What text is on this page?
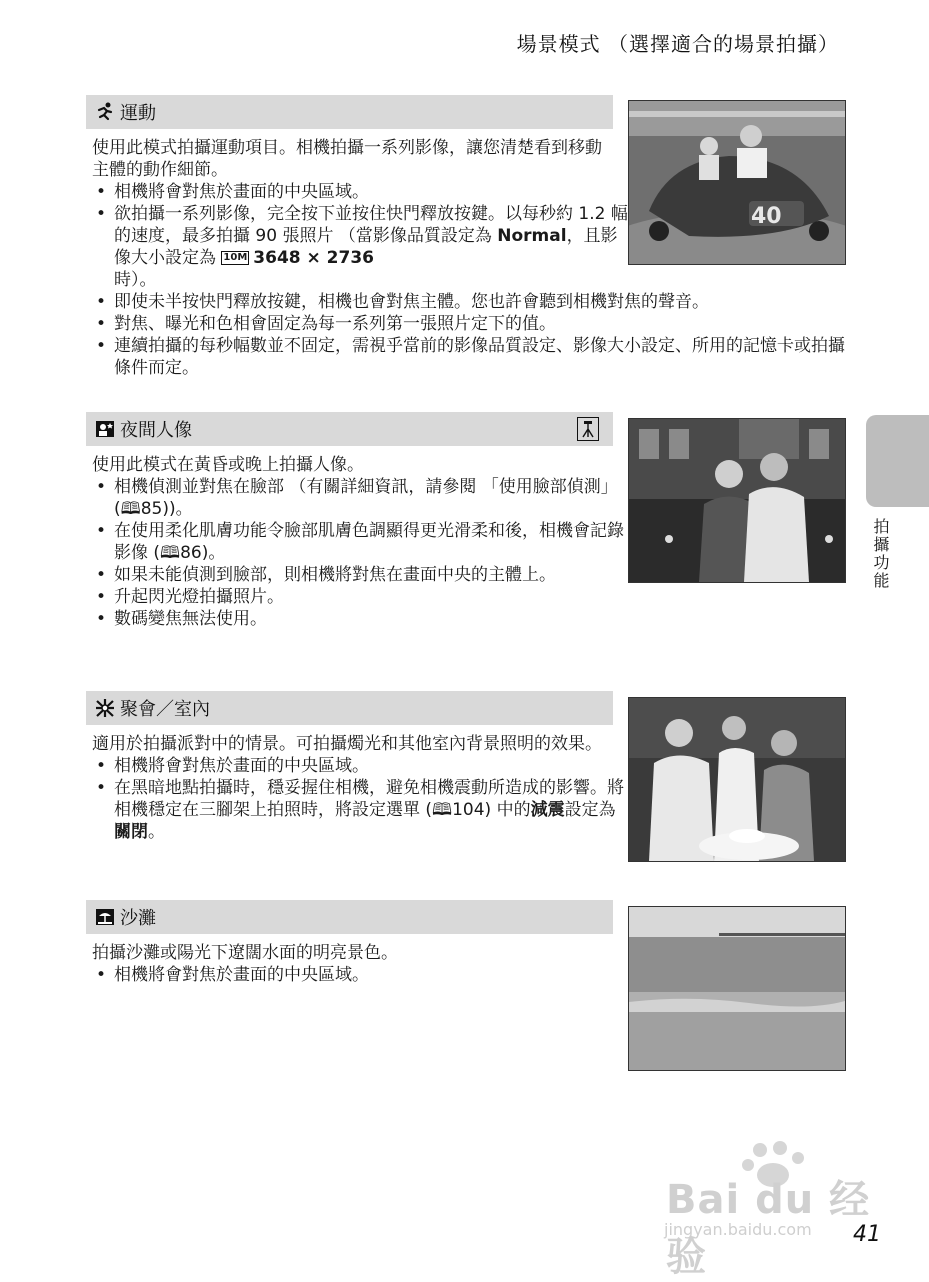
場景模式 （選擇適合的場景拍攝）
拍攝功能
運動

使用此模式拍攝運動項目。相機拍攝一系列影像，讓您清楚看到移動主體的動作細節。

• 相機將會對焦於畫面的中央區域。
• 欲拍攝一系列影像，完全按下並按住快門釋放按鍵。以每秒約 1.2 幅的速度，最多拍攝 90 張照片 （當影像品質設定為 Normal，且影像大小設定為 10M 3648 × 2736
時）。
• 即使未半按快門釋放按鍵，相機也會對焦主體。您也許會聽到相機對焦的聲音。
• 對焦、曝光和色相會固定為每一系列第一張照片定下的值。
• 連續拍攝的每秒幅數並不固定，需視乎當前的影像品質設定、影像大小設定、所用的記憶卡或拍攝條件而定。
40
夜間人像

使用此模式在黃昏或晚上拍攝人像。

• 相機偵測並對焦在臉部 （有關詳細資訊，請參閱 「使用臉部偵測」(🕮85))。
• 在使用柔化肌膚功能令臉部肌膚色調顯得更光滑柔和後，相機會記錄影像 (🕮86)。
• 如果未能偵測到臉部，則相機將對焦在畫面中央的主體上。
• 升起閃光燈拍攝照片。
• 數碼變焦無法使用。
聚會／室內

適用於拍攝派對中的情景。可拍攝燭光和其他室內背景照明的效果。

• 相機將會對焦於畫面的中央區域。
• 在黑暗地點拍攝時，穩妥握住相機，避免相機震動所造成的影響。將相機穩定在三腳架上拍照時，將設定選單 (🕮104) 中的減震設定為關閉。
沙灘

拍攝沙灘或陽光下遼闊水面的明亮景色。

• 相機將會對焦於畫面的中央區域。
Bai du 经验
jingyan.baidu.com 41
